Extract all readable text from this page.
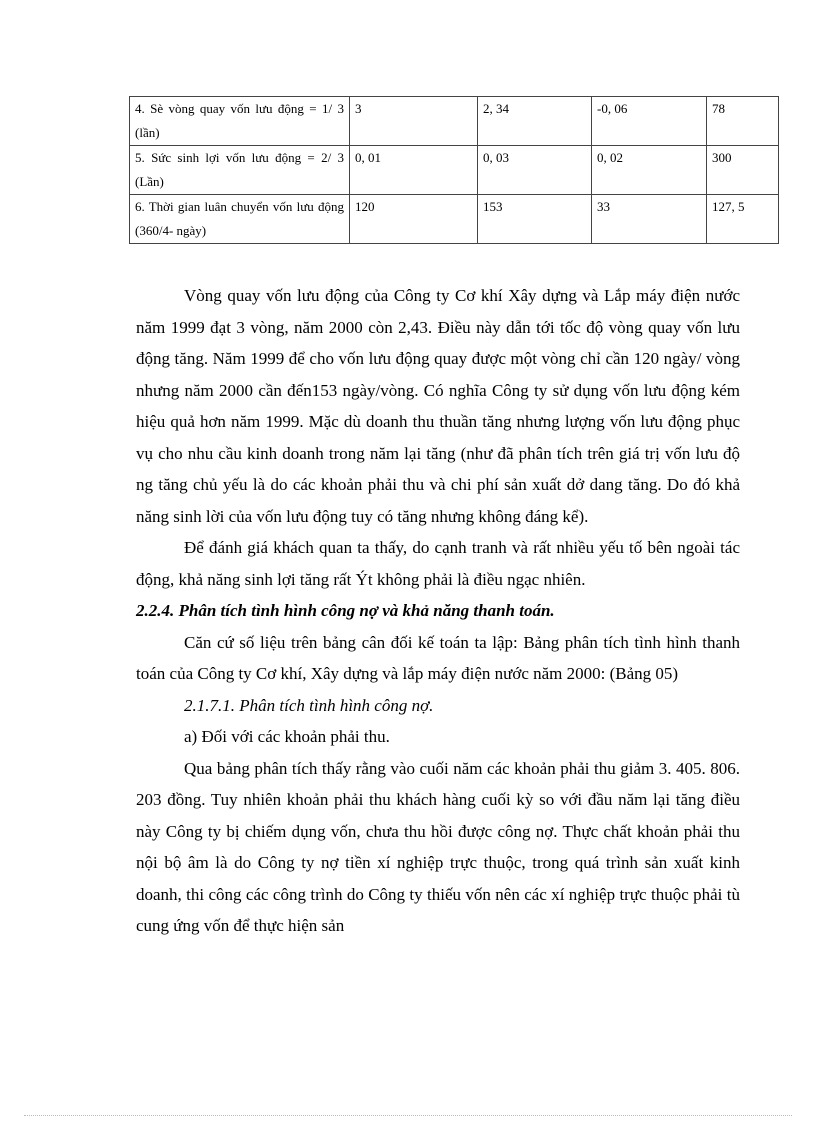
4. Sè vòng quay vốn lưu động = 1/ 3 (lần)	3	2, 34	-0, 06	78
5. Sức sinh lợi vốn lưu động = 2/ 3 (Lần)	0, 01	0, 03	0, 02	300
6. Thời gian luân chuyển vốn lưu động (360/4- ngày)	120	153	33	127, 5

Vòng quay vốn lưu động của Công ty Cơ khí Xây dựng và Lắp máy điện nước năm 1999 đạt 3 vòng, năm 2000 còn 2,43. Điều này dẫn tới tốc độ vòng quay vốn lưu động tăng. Năm 1999 để cho vốn lưu động quay được một vòng chỉ cần 120 ngày/ vòng nhưng năm 2000 cần đến153 ngày/vòng. Có nghĩa Công ty sử dụng vốn lưu động kém hiệu quả hơn năm 1999. Mặc dù doanh thu thuần tăng nhưng lượng vốn lưu động phục vụ cho nhu cầu kinh doanh trong năm lại tăng (như đã phân tích trên giá trị vốn lưu độ ng tăng chủ yếu là do các khoản phải thu và chi phí sản xuất dở dang tăng. Do đó khả năng sinh lời của vốn lưu động tuy có tăng nhưng không đáng kể).

Để đánh giá khách quan ta thấy, do cạnh tranh và rất nhiều yếu tố bên ngoài tác động, khả năng sinh lợi tăng rất Ýt không phải là điều ngạc nhiên.

2.2.4. Phân tích tình hình công nợ và khả năng thanh toán.

Căn cứ số liệu trên bảng cân đối kế toán ta lập: Bảng phân tích tình hình thanh toán của Công ty Cơ khí, Xây dựng và lắp máy điện nước năm 2000: (Bảng 05)

2.1.7.1. Phân tích tình hình công nợ.

a) Đối với các khoản phải thu.

Qua bảng phân tích thấy rằng vào cuối năm các khoản phải thu giảm 3. 405. 806. 203 đồng. Tuy nhiên khoản phải thu khách hàng cuối kỳ so với đầu năm lại tăng điều này Công ty bị chiếm dụng vốn, chưa thu hồi được công nợ. Thực chất khoản phải thu nội bộ âm là do Công ty nợ tiền xí nghiệp trực thuộc, trong quá trình sản xuất kinh doanh, thi công các công trình do Công ty thiếu vốn nên các xí nghiệp trực thuộc phải tù cung ứng vốn để thực hiện sản
